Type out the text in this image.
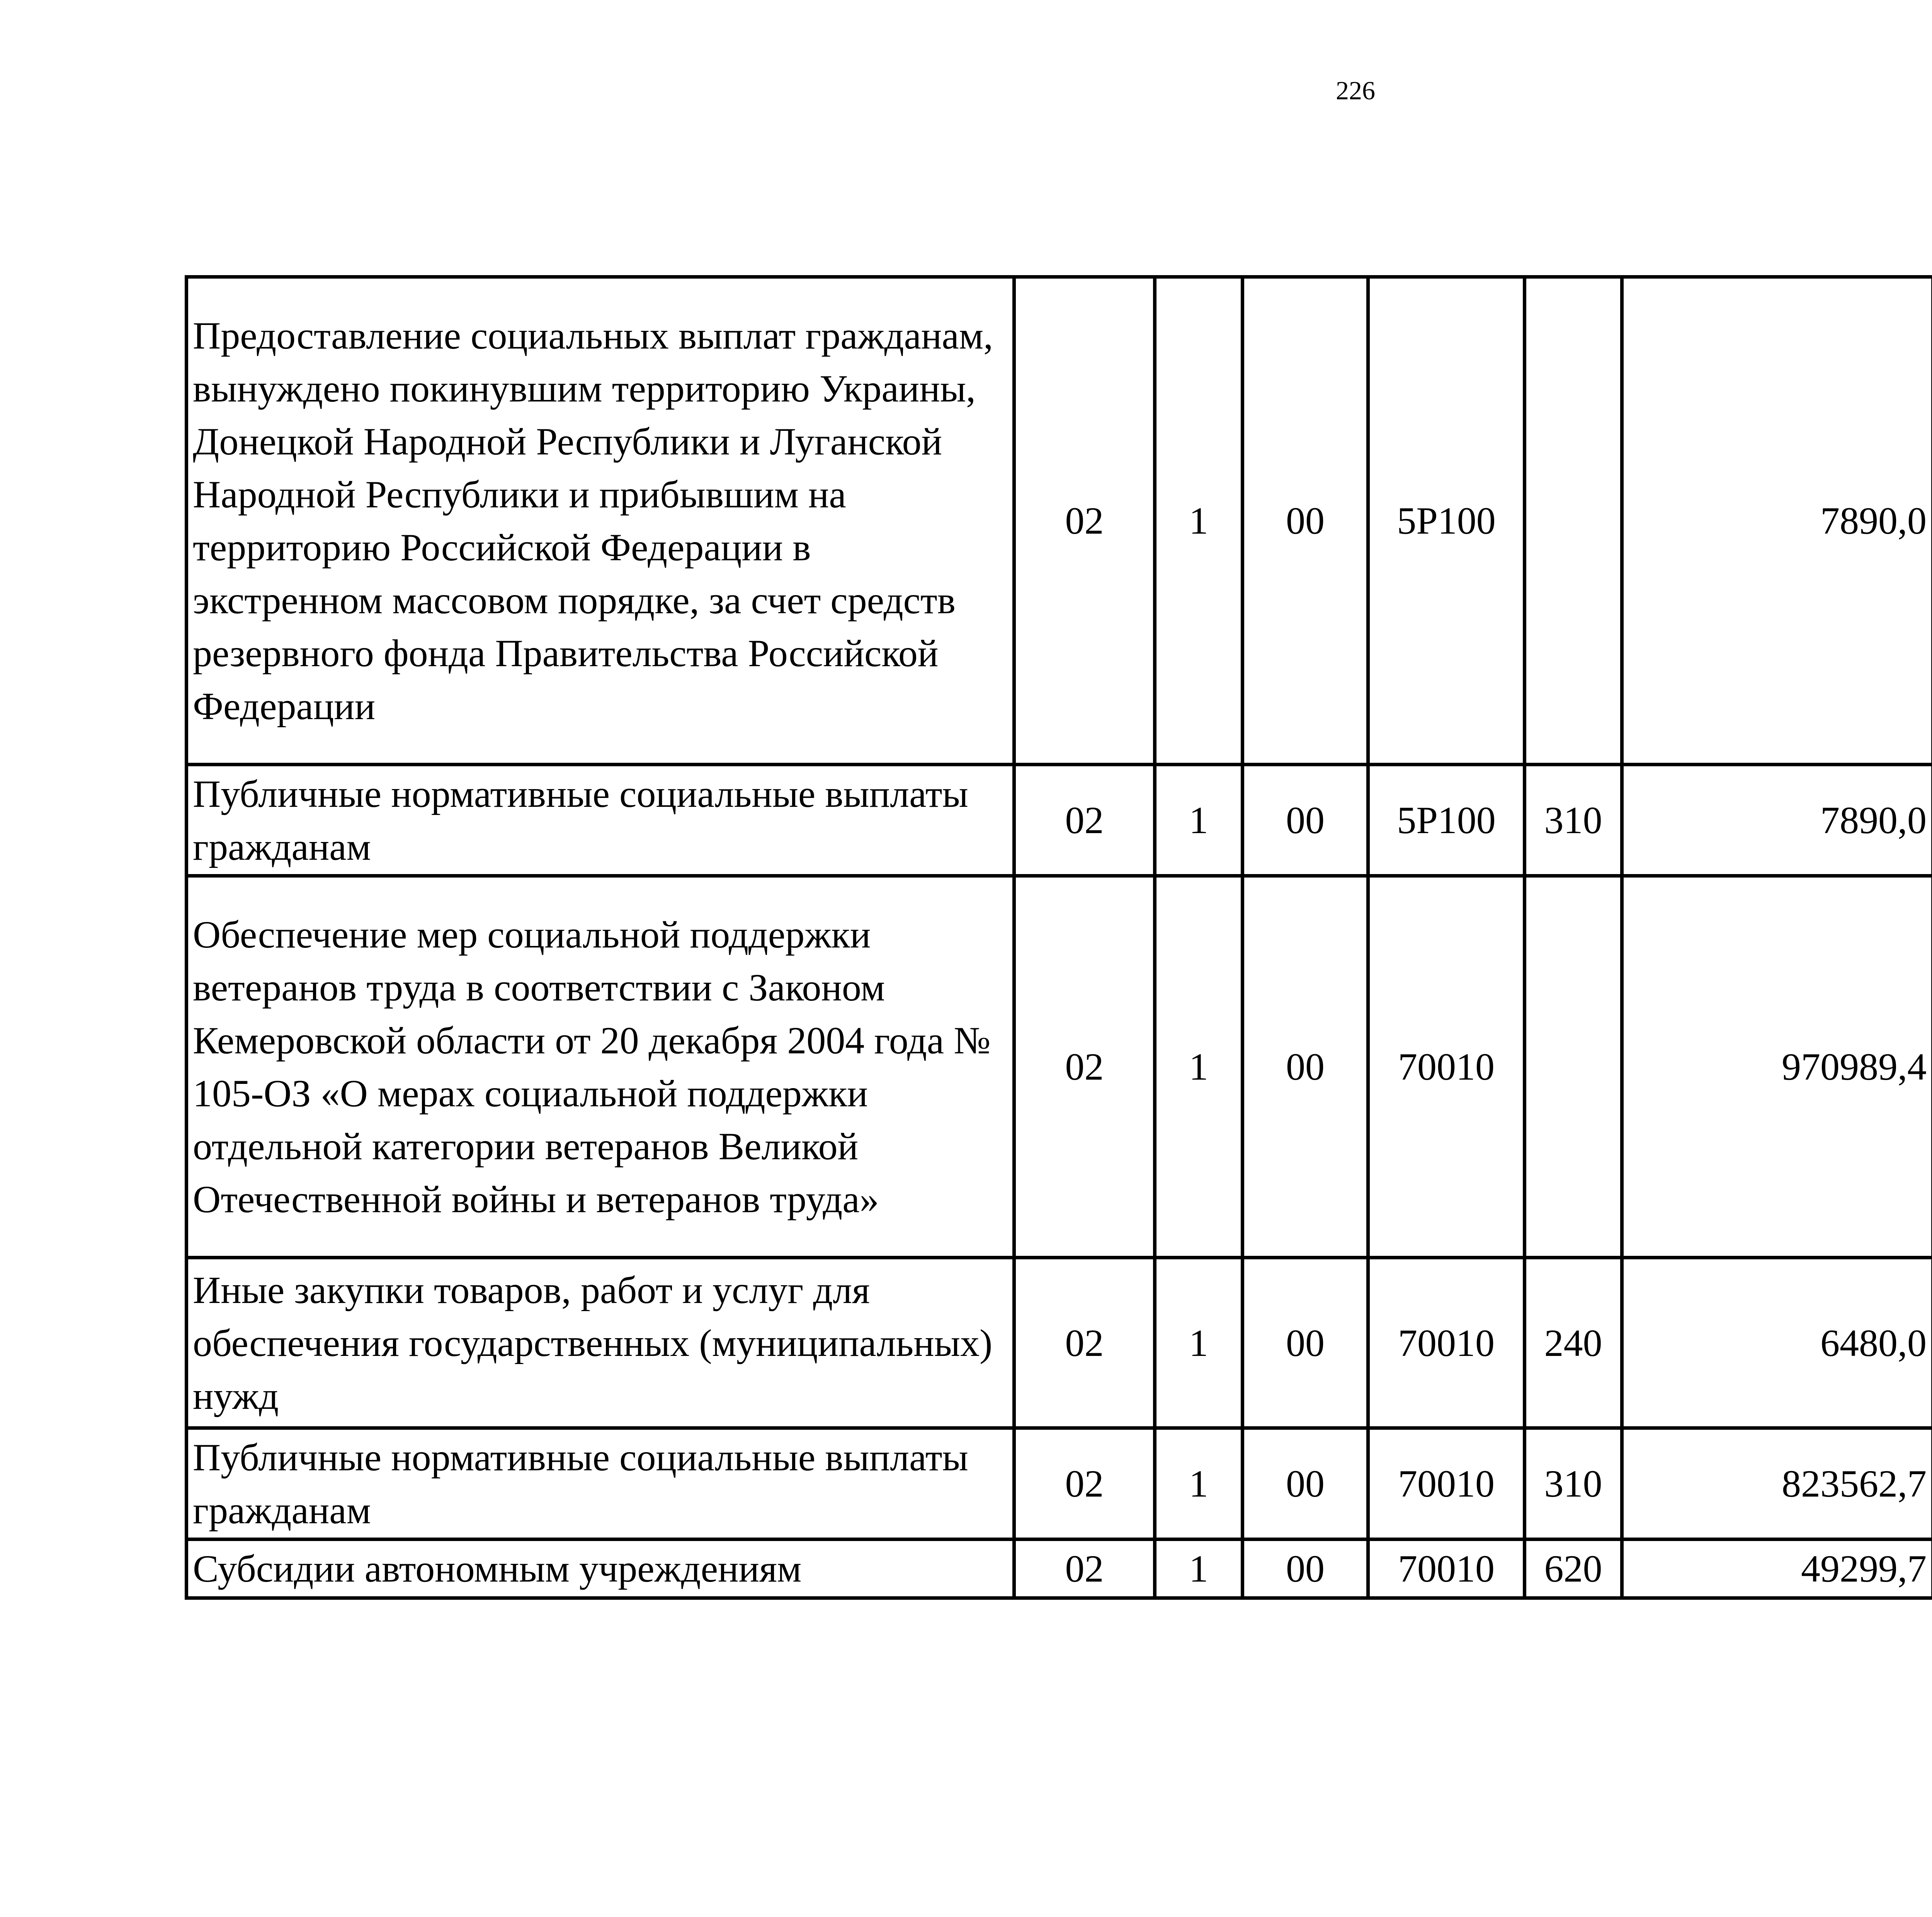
226
Предоставление социальных выплат гражданам, вынуждено покинувшим территорию Украины, Донецкой Народной Республики и Луганской Народной Республики и прибывшим на территорию Российской Федерации в экстренном массовом порядке, за счет средств резервного фонда Правительства Российской Федерации	02	1	00	5Р100		7890,0		
Публичные нормативные социальные выплаты гражданам	02	1	00	5Р100	310	7890,0		
Обеспечение мер социальной поддержки ветеранов труда в соответствии с Законом Кемеровской области от 20 декабря 2004 года № 105-ОЗ «О мерах социальной поддержки отдельной категории ветеранов Великой Отечественной войны и ветеранов труда»	02	1	00	70010		970989,4		
Иные закупки товаров, работ и услуг для обеспечения государственных (муниципальных) нужд	02	1	00	70010	240	6480,0		
Публичные нормативные социальные выплаты гражданам	02	1	00	70010	310	823562,7		
Субсидии автономным учреждениям	02	1	00	70010	620	49299,7		
